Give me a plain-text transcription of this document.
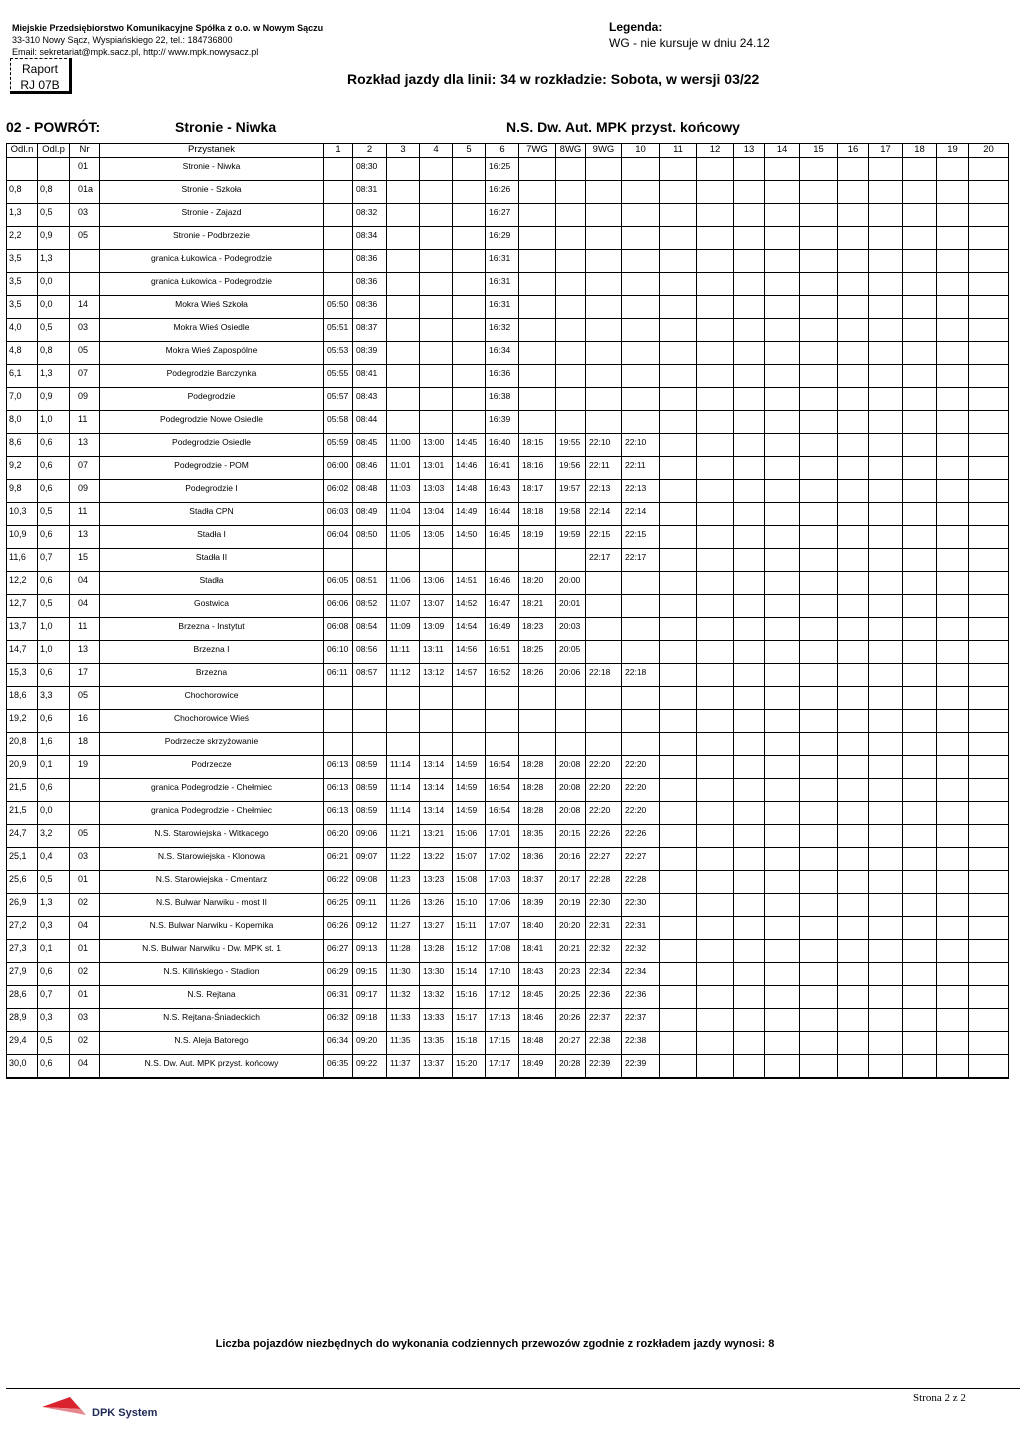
Miejskie Przedsiębiorstwo Komunikacyjne Spółka z o.o. w Nowym Sączu
33-310 Nowy Sącz, Wyspiańskiego 22, tel.: 184736800
Email: sekretariat@mpk.sacz.pl, http:// www.mpk.nowysacz.pl
Legenda:
WG - nie kursuje w dniu 24.12
Raport
RJ 07B	Rozkład jazdy dla linii: 34 w rozkładzie: Sobota, w wersji 03/22
02 - POWRÓT:	Stronie - Niwka	N.S. Dw. Aut. MPK przyst. końcowy
Odl.n	Odl.p	Nr	Przystanek	1	2	3	4	5	6	7WG	8WG	9WG	10	11	12	13	14	15	16	17	18	19	20
		01	Stronie - Niwka		08:30				16:25														
0,8	0,8	01a	Stronie - Szkoła		08:31				16:26														
1,3	0,5	03	Stronie - Zajazd		08:32				16:27														
2,2	0,9	05	Stronie - Podbrzezie		08:34				16:29														
3,5	1,3		granica Łukowica - Podegrodzie		08:36				16:31														
3,5	0,0		granica Łukowica - Podegrodzie		08:36				16:31														
3,5	0,0	14	Mokra Wieś Szkoła	05:50	08:36				16:31														
4,0	0,5	03	Mokra Wieś Osiedle	05:51	08:37				16:32														
4,8	0,8	05	Mokra Wieś Zapospólne	05:53	08:39				16:34														
6,1	1,3	07	Podegrodzie Barczynka	05:55	08:41				16:36														
7,0	0,9	09	Podegrodzie	05:57	08:43				16:38														
8,0	1,0	11	Podegrodzie Nowe Osiedle	05:58	08:44				16:39														
8,6	0,6	13	Podegrodzie Osiedle	05:59	08:45	11:00	13:00	14:45	16:40	18:15	19:55	22:10	22:10										
9,2	0,6	07	Podegrodzie - POM	06:00	08:46	11:01	13:01	14:46	16:41	18:16	19:56	22:11	22:11										
9,8	0,6	09	Podegrodzie I	06:02	08:48	11:03	13:03	14:48	16:43	18:17	19:57	22:13	22:13										
10,3	0,5	11	Stadła CPN	06:03	08:49	11:04	13:04	14:49	16:44	18:18	19:58	22:14	22:14										
10,9	0,6	13	Stadła I	06:04	08:50	11:05	13:05	14:50	16:45	18:19	19:59	22:15	22:15										
11,6	0,7	15	Stadła II									22:17	22:17										
12,2	0,6	04	Stadła	06:05	08:51	11:06	13:06	14:51	16:46	18:20	20:00												
12,7	0,5	04	Gostwica	06:06	08:52	11:07	13:07	14:52	16:47	18:21	20:01												
13,7	1,0	11	Brzezna - Instytut	06:08	08:54	11:09	13:09	14:54	16:49	18:23	20:03												
14,7	1,0	13	Brzezna I	06:10	08:56	11:11	13:11	14:56	16:51	18:25	20:05												
15,3	0,6	17	Brzezna	06:11	08:57	11:12	13:12	14:57	16:52	18:26	20:06	22:18	22:18										
18,6	3,3	05	Chochorowice																				
19,2	0,6	16	Chochorowice Wieś																				
20,8	1,6	18	Podrzecze skrzyżowanie																				
20,9	0,1	19	Podrzecze	06:13	08:59	11:14	13:14	14:59	16:54	18:28	20:08	22:20	22:20										
21,5	0,6		granica Podegrodzie - Chełmiec	06:13	08:59	11:14	13:14	14:59	16:54	18:28	20:08	22:20	22:20										
21,5	0,0		granica Podegrodzie - Chełmiec	06:13	08:59	11:14	13:14	14:59	16:54	18:28	20:08	22:20	22:20										
24,7	3,2	05	N.S. Starowiejska - Witkacego	06:20	09:06	11:21	13:21	15:06	17:01	18:35	20:15	22:26	22:26										
25,1	0,4	03	N.S. Starowiejska - Klonowa	06:21	09:07	11:22	13:22	15:07	17:02	18:36	20:16	22:27	22:27										
25,6	0,5	01	N.S. Starowiejska - Cmentarz	06:22	09:08	11:23	13:23	15:08	17:03	18:37	20:17	22:28	22:28										
26,9	1,3	02	N.S. Bulwar Narwiku - most II	06:25	09:11	11:26	13:26	15:10	17:06	18:39	20:19	22:30	22:30										
27,2	0,3	04	N.S. Bulwar Narwiku - Kopernika	06:26	09:12	11:27	13:27	15:11	17:07	18:40	20:20	22:31	22:31										
27,3	0,1	01	N.S. Bulwar Narwiku - Dw. MPK st. 1	06:27	09:13	11:28	13:28	15:12	17:08	18:41	20:21	22:32	22:32										
27,9	0,6	02	N.S. Kilińskiego - Stadion	06:29	09:15	11:30	13:30	15:14	17:10	18:43	20:23	22:34	22:34										
28,6	0,7	01	N.S. Rejtana	06:31	09:17	11:32	13:32	15:16	17:12	18:45	20:25	22:36	22:36										
28,9	0,3	03	N.S. Rejtana-Śniadeckich	06:32	09:18	11:33	13:33	15:17	17:13	18:46	20:26	22:37	22:37										
29,4	0,5	02	N.S. Aleja Batorego	06:34	09:20	11:35	13:35	15:18	17:15	18:48	20:27	22:38	22:38										
30,0	0,6	04	N.S. Dw. Aut. MPK przyst. końcowy	06:35	09:22	11:37	13:37	15:20	17:17	18:49	20:28	22:39	22:39										
Liczba pojazdów niezbędnych do wykonania codziennych przewozów zgodnie z rozkładem jazdy wynosi: 8
DPK System
Strona 2 z 2
